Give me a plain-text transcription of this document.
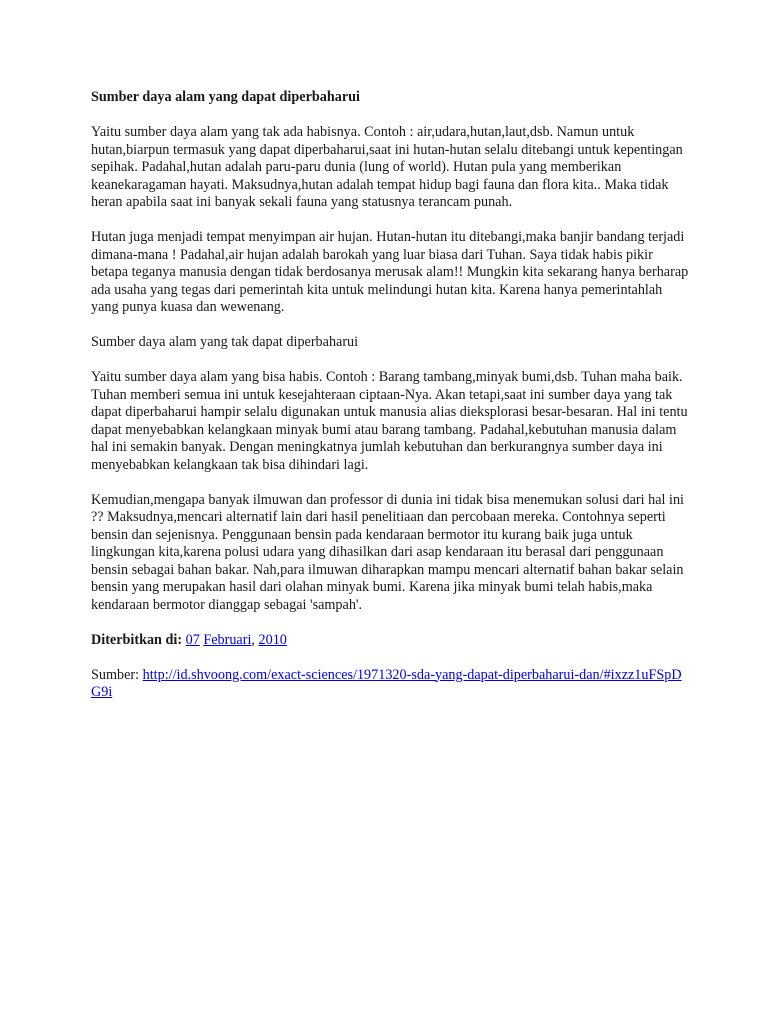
Sumber daya alam yang dapat diperbaharui

Yaitu sumber daya alam yang tak ada habisnya. Contoh : air,udara,hutan,laut,dsb. Namun untuk hutan,biarpun termasuk yang dapat diperbaharui,saat ini hutan-hutan selalu ditebangi untuk kepentingan sepihak. Padahal,hutan adalah paru-paru dunia (lung of world). Hutan pula yang memberikan keanekaragaman hayati. Maksudnya,hutan adalah tempat hidup bagi fauna dan flora kita.. Maka tidak heran apabila saat ini banyak sekali fauna yang statusnya terancam punah.

Hutan juga menjadi tempat menyimpan air hujan. Hutan-hutan itu ditebangi,maka banjir bandang terjadi dimana-mana ! Padahal,air hujan adalah barokah yang luar biasa dari Tuhan. Saya tidak habis pikir betapa teganya manusia dengan tidak berdosanya merusak alam!! Mungkin kita sekarang hanya berharap ada usaha yang tegas dari pemerintah kita untuk melindungi hutan kita. Karena hanya pemerintahlah yang punya kuasa dan wewenang.

Sumber daya alam yang tak dapat diperbaharui

Yaitu sumber daya alam yang bisa habis. Contoh : Barang tambang,minyak bumi,dsb. Tuhan maha baik. Tuhan memberi semua ini untuk kesejahteraan ciptaan-Nya. Akan tetapi,saat ini sumber daya yang tak dapat diperbaharui hampir selalu digunakan untuk manusia alias dieksplorasi besar-besaran. Hal ini tentu dapat menyebabkan kelangkaan minyak bumi atau barang tambang. Padahal,kebutuhan manusia dalam hal ini semakin banyak. Dengan meningkatnya jumlah kebutuhan dan berkurangnya sumber daya ini menyebabkan kelangkaan tak bisa dihindari lagi.

Kemudian,mengapa banyak ilmuwan dan professor di dunia ini tidak bisa menemukan solusi dari hal ini ?? Maksudnya,mencari alternatif lain dari hasil penelitiaan dan percobaan mereka. Contohnya seperti bensin dan sejenisnya. Penggunaan bensin pada kendaraan bermotor itu kurang baik juga untuk lingkungan kita,karena polusi udara yang dihasilkan dari asap kendaraan itu berasal dari penggunaan bensin sebagai bahan bakar. Nah,para ilmuwan diharapkan mampu mencari alternatif bahan bakar selain bensin yang merupakan hasil dari olahan minyak bumi. Karena jika minyak bumi telah habis,maka kendaraan bermotor dianggap sebagai 'sampah'.

Diterbitkan di: 07 Februari, 2010

Sumber: http://id.shvoong.com/exact-sciences/1971320-sda-yang-dapat-diperbaharui-dan/#ixzz1uFSpDG9i
